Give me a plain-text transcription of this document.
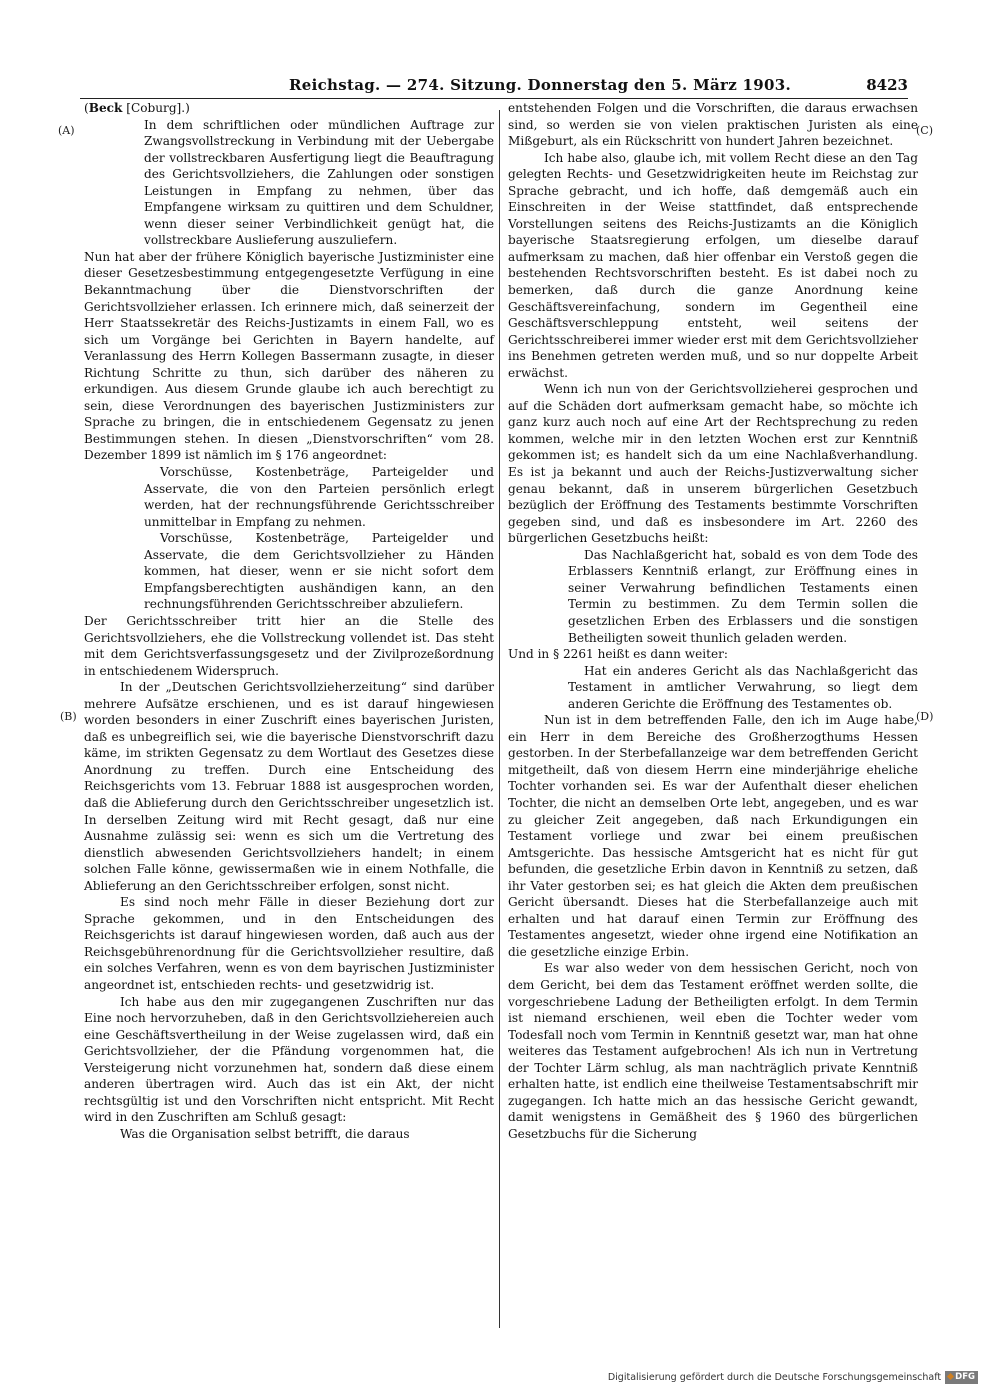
Reichstag. — 274. Sitzung. Donnerstag den 5. März 1903.	8423
(A)
(B)
(C)
(D)

(Beck [Coburg].)

In dem schriftlichen oder mündlichen Auftrage zur Zwangsvollstreckung in Verbindung mit der Uebergabe der vollstreckbaren Ausfertigung liegt die Beauftragung des Gerichtsvollziehers, die Zahlungen oder sonstigen Leistungen in Empfang zu nehmen, über das Empfangene wirksam zu quittiren und dem Schuldner, wenn dieser seiner Verbindlichkeit genügt hat, die vollstreckbare Auslieferung auszuliefern.

Nun hat aber der frühere Königlich bayerische Justizminister eine dieser Gesetzesbestimmung entgegengesetzte Verfügung in eine Bekanntmachung über die Dienstvorschriften der Gerichtsvollzieher erlassen. Ich erinnere mich, daß seinerzeit der Herr Staatssekretär des Reichs-Justizamts in einem Fall, wo es sich um Vorgänge bei Gerichten in Bayern handelte, auf Veranlassung des Herrn Kollegen Bassermann zusagte, in dieser Richtung Schritte zu thun, sich darüber des näheren zu erkundigen. Aus diesem Grunde glaube ich auch berechtigt zu sein, diese Verordnungen des bayerischen Justizministers zur Sprache zu bringen, die in entschiedenem Gegensatz zu jenen Bestimmungen stehen. In diesen „Dienstvorschriften“ vom 28. Dezember 1899 ist nämlich im § 176 angeordnet:

Vorschüsse, Kostenbeträge, Parteigelder und Asservate, die von den Parteien persönlich erlegt werden, hat der rechnungsführende Gerichtsschreiber unmittelbar in Empfang zu nehmen.

Vorschüsse, Kostenbeträge, Parteigelder und Asservate, die dem Gerichtsvollzieher zu Händen kommen, hat dieser, wenn er sie nicht sofort dem Empfangsberechtigten aushändigen kann, an den rechnungsführenden Gerichtsschreiber abzuliefern.

Der Gerichtsschreiber tritt hier an die Stelle des Gerichtsvollziehers, ehe die Vollstreckung vollendet ist. Das steht mit dem Gerichtsverfassungsgesetz und der Zivilprozeßordnung in entschiedenem Widerspruch.

In der „Deutschen Gerichtsvollzieherzeitung“ sind darüber mehrere Aufsätze erschienen, und es ist darauf hingewiesen worden besonders in einer Zuschrift eines bayerischen Juristen, daß es unbegreiflich sei, wie die bayerische Dienstvorschrift dazu käme, im strikten Gegensatz zu dem Wortlaut des Gesetzes diese Anordnung zu treffen. Durch eine Entscheidung des Reichsgerichts vom 13. Februar 1888 ist ausgesprochen worden, daß die Ablieferung durch den Gerichtsschreiber ungesetzlich ist. In derselben Zeitung wird mit Recht gesagt, daß nur eine Ausnahme zulässig sei: wenn es sich um die Vertretung des dienstlich abwesenden Gerichtsvollziehers handelt; in einem solchen Falle könne, gewissermaßen wie in einem Nothfalle, die Ablieferung an den Gerichtsschreiber erfolgen, sonst nicht.

Es sind noch mehr Fälle in dieser Beziehung dort zur Sprache gekommen, und in den Entscheidungen des Reichsgerichts ist darauf hingewiesen worden, daß auch aus der Reichsgebührenordnung für die Gerichtsvollzieher resultire, daß ein solches Verfahren, wenn es von dem bayrischen Justizminister angeordnet ist, entschieden rechts- und gesetzwidrig ist.

Ich habe aus den mir zugegangenen Zuschriften nur das Eine noch hervorzuheben, daß in den Gerichtsvollziehereien auch eine Geschäftsvertheilung in der Weise zugelassen wird, daß ein Gerichtsvollzieher, der die Pfändung vorgenommen hat, die Versteigerung nicht vorzunehmen hat, sondern daß diese einem anderen übertragen wird. Auch das ist ein Akt, der nicht rechtsgültig ist und den Vorschriften nicht entspricht. Mit Recht wird in den Zuschriften am Schluß gesagt:

Was die Organisation selbst betrifft, die daraus

entstehenden Folgen und die Vorschriften, die daraus erwachsen sind, so werden sie von vielen praktischen Juristen als eine Mißgeburt, als ein Rückschritt von hundert Jahren bezeichnet.

Ich habe also, glaube ich, mit vollem Recht diese an den Tag gelegten Rechts- und Gesetzwidrigkeiten heute im Reichstag zur Sprache gebracht, und ich hoffe, daß demgemäß auch ein Einschreiten in der Weise stattfindet, daß entsprechende Vorstellungen seitens des Reichs-Justizamts an die Königlich bayerische Staatsregierung erfolgen, um dieselbe darauf aufmerksam zu machen, daß hier offenbar ein Verstoß gegen die bestehenden Rechtsvorschriften besteht. Es ist dabei noch zu bemerken, daß durch die ganze Anordnung keine Geschäftsvereinfachung, sondern im Gegentheil eine Geschäftsverschleppung entsteht, weil seitens der Gerichtsschreiberei immer wieder erst mit dem Gerichtsvollzieher ins Benehmen getreten werden muß, und so nur doppelte Arbeit erwächst.

Wenn ich nun von der Gerichtsvollzieherei gesprochen und auf die Schäden dort aufmerksam gemacht habe, so möchte ich ganz kurz auch noch auf eine Art der Rechtsprechung zu reden kommen, welche mir in den letzten Wochen erst zur Kenntniß gekommen ist; es handelt sich da um eine Nachlaßverhandlung. Es ist ja bekannt und auch der Reichs-Justizverwaltung sicher genau bekannt, daß in unserem bürgerlichen Gesetzbuch bezüglich der Eröffnung des Testaments bestimmte Vorschriften gegeben sind, und daß es insbesondere im Art. 2260 des bürgerlichen Gesetzbuchs heißt:

Das Nachlaßgericht hat, sobald es von dem Tode des Erblassers Kenntniß erlangt, zur Eröffnung eines in seiner Verwahrung befindlichen Testaments einen Termin zu bestimmen. Zu dem Termin sollen die gesetzlichen Erben des Erblassers und die sonstigen Betheiligten soweit thunlich geladen werden.

Und in § 2261 heißt es dann weiter:

Hat ein anderes Gericht als das Nachlaßgericht das Testament in amtlicher Verwahrung, so liegt dem anderen Gerichte die Eröffnung des Testamentes ob.

Nun ist in dem betreffenden Falle, den ich im Auge habe, ein Herr in dem Bereiche des Großherzogthums Hessen gestorben. In der Sterbefallanzeige war dem betreffenden Gericht mitgetheilt, daß von diesem Herrn eine minderjährige eheliche Tochter vorhanden sei. Es war der Aufenthalt dieser ehelichen Tochter, die nicht an demselben Orte lebt, angegeben, und es war zu gleicher Zeit angegeben, daß nach Erkundigungen ein Testament vorliege und zwar bei einem preußischen Amtsgerichte. Das hessische Amtsgericht hat es nicht für gut befunden, die gesetzliche Erbin davon in Kenntniß zu setzen, daß ihr Vater gestorben sei; es hat gleich die Akten dem preußischen Gericht übersandt. Dieses hat die Sterbefallanzeige auch mit erhalten und hat darauf einen Termin zur Eröffnung des Testamentes angesetzt, wieder ohne irgend eine Notifikation an die gesetzliche einzige Erbin.

Es war also weder von dem hessischen Gericht, noch von dem Gericht, bei dem das Testament eröffnet werden sollte, die vorgeschriebene Ladung der Betheiligten erfolgt. In dem Termin ist niemand erschienen, weil eben die Tochter weder vom Todesfall noch vom Termin in Kenntniß gesetzt war, man hat ohne weiteres das Testament aufgebrochen! Als ich nun in Vertretung der Tochter Lärm schlug, als man nachträglich private Kenntniß erhalten hatte, ist endlich eine theilweise Testamentsabschrift mir zugegangen. Ich hatte mich an das hessische Gericht gewandt, damit wenigstens in Gemäßheit des § 1960 des bürgerlichen Gesetzbuchs für die Sicherung

Digitalisierung gefördert durch die Deutsche Forschungsgemeinschaft	DFG
